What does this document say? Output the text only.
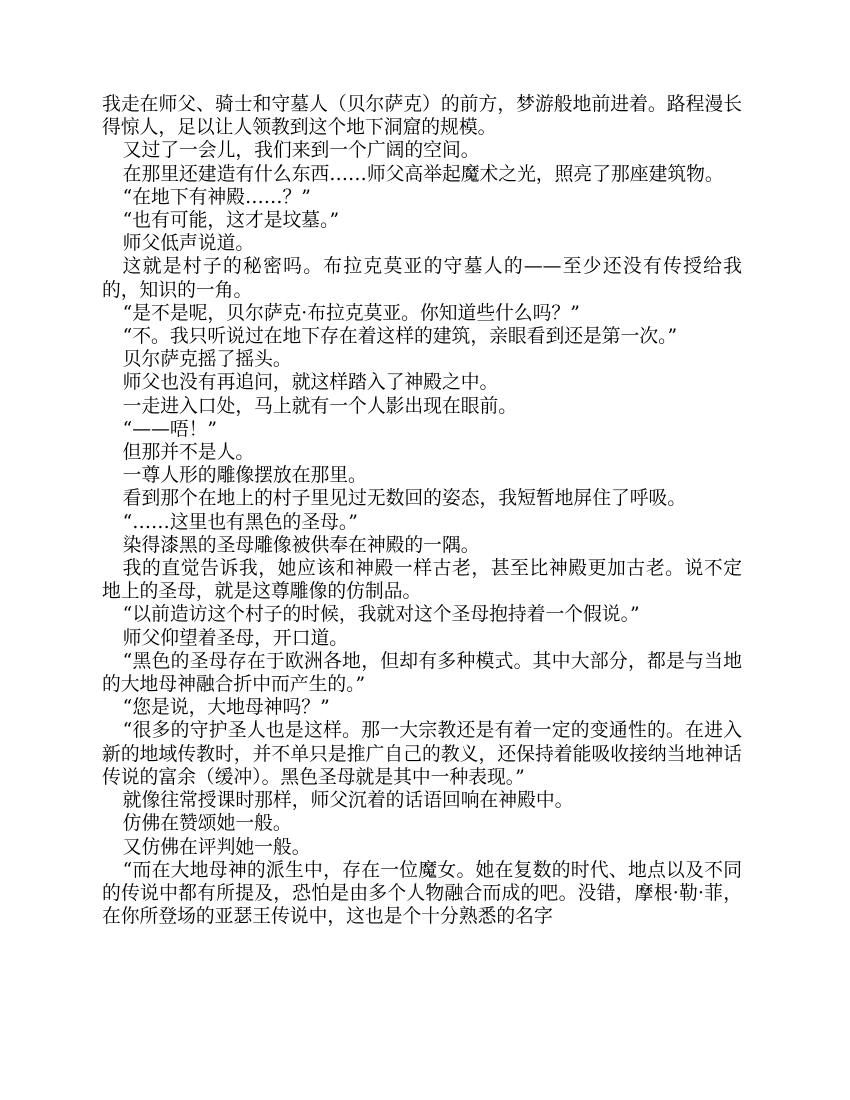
我走在师父、骑士和守墓人（贝尔萨克）的前方，梦游般地前进着。路程漫长得惊人，足以让人领教到这个地下洞窟的规模。

又过了一会儿，我们来到一个广阔的空间。

在那里还建造有什么东西……师父高举起魔术之光，照亮了那座建筑物。

“在地下有神殿……？”

“也有可能，这才是坟墓。”

师父低声说道。

这就是村子的秘密吗。布拉克莫亚的守墓人的——至少还没有传授给我的，知识的一角。

“是不是呢，贝尔萨克·布拉克莫亚。你知道些什么吗？”

“不。我只听说过在地下存在着这样的建筑，亲眼看到还是第一次。”

贝尔萨克摇了摇头。

师父也没有再追问，就这样踏入了神殿之中。

一走进入口处，马上就有一个人影出现在眼前。

“——唔！”

但那并不是人。

一尊人形的雕像摆放在那里。

看到那个在地上的村子里见过无数回的姿态，我短暂地屏住了呼吸。

“……这里也有黑色的圣母。”

染得漆黑的圣母雕像被供奉在神殿的一隅。

我的直觉告诉我，她应该和神殿一样古老，甚至比神殿更加古老。说不定地上的圣母，就是这尊雕像的仿制品。

“以前造访这个村子的时候，我就对这个圣母抱持着一个假说。”

师父仰望着圣母，开口道。

“黑色的圣母存在于欧洲各地，但却有多种模式。其中大部分，都是与当地的大地母神融合折中而产生的。”

“您是说，大地母神吗？”

“很多的守护圣人也是这样。那一大宗教还是有着一定的变通性的。在进入新的地域传教时，并不单只是推广自己的教义，还保持着能吸收接纳当地神话传说的富余（缓冲）。黑色圣母就是其中一种表现。”

就像往常授课时那样，师父沉着的话语回响在神殿中。

仿佛在赞颂她一般。

又仿佛在评判她一般。

“而在大地母神的派生中，存在一位魔女。她在复数的时代、地点以及不同的传说中都有所提及，恐怕是由多个人物融合而成的吧。没错，摩根·勒·菲，在你所登场的亚瑟王传说中，这也是个十分熟悉的名字
